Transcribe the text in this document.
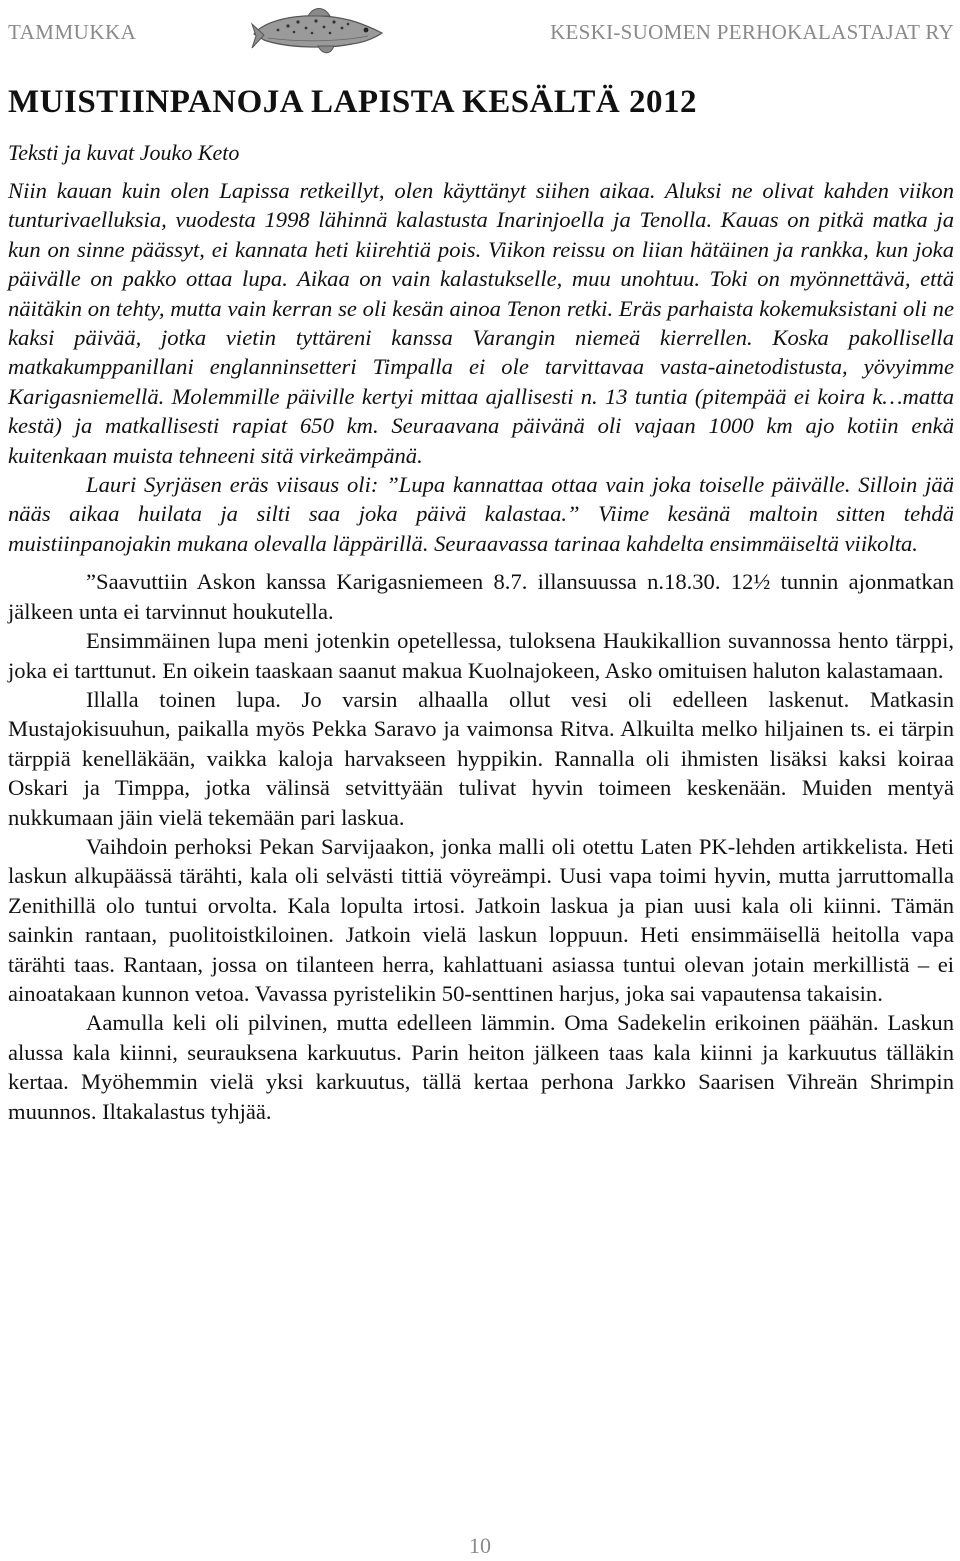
TAMMUKKA	KESKI-SUOMEN PERHOKALASTAJAT RY
MUISTIINPANOJA LAPISTA KESÄLTÄ 2012

Teksti ja kuvat Jouko Keto

Niin kauan kuin olen Lapissa retkeillyt, olen käyttänyt siihen aikaa. Aluksi ne olivat kahden viikon tunturivaelluksia, vuodesta 1998 lähinnä kalastusta Inarinjoella ja Tenolla. Kauas on pitkä matka ja kun on sinne päässyt, ei kannata heti kiirehtiä pois. Viikon reissu on liian hätäinen ja rankka, kun joka päivälle on pakko ottaa lupa. Aikaa on vain kalastukselle, muu unohtuu. Toki on myönnettävä, että näitäkin on tehty, mutta vain kerran se oli kesän ainoa Tenon retki. Eräs parhaista kokemuksistani oli ne kaksi päivää, jotka vietin tyttäreni kanssa Varangin niemeä kierrellen. Koska pakollisella matkakumppanillani englanninsetteri Timpalla ei ole tarvittavaa vasta-ainetodistusta, yövyimme Karigasniemellä. Molemmille päiville kertyi mittaa ajallisesti n. 13 tuntia (pitempää ei koira k…matta kestä) ja matkallisesti rapiat 650 km. Seuraavana päivänä oli vajaan 1000 km ajo kotiin enkä kuitenkaan muista tehneeni sitä virkeämpänä.

Lauri Syrjäsen eräs viisaus oli: ”Lupa kannattaa ottaa vain joka toiselle päivälle. Silloin jää nääs aikaa huilata ja silti saa joka päivä kalastaa.” Viime kesänä maltoin sitten tehdä muistiinpanojakin mukana olevalla läppärillä. Seuraavassa tarinaa kahdelta ensimmäiseltä viikolta.

”Saavuttiin Askon kanssa Karigasniemeen 8.7. illansuussa n.18.30. 12½ tunnin ajonmatkan jälkeen unta ei tarvinnut houkutella.

Ensimmäinen lupa meni jotenkin opetellessa, tuloksena Haukikallion suvannossa hento tärppi, joka ei tarttunut. En oikein taaskaan saanut makua Kuolnajokeen, Asko omituisen haluton kalastamaan.

Illalla toinen lupa. Jo varsin alhaalla ollut vesi oli edelleen laskenut. Matkasin Mustajokisuuhun, paikalla myös Pekka Saravo ja vaimonsa Ritva. Alkuilta melko hiljainen ts. ei tärpin tärppiä kenelläkään, vaikka kaloja harvakseen hyppikin. Rannalla oli ihmisten lisäksi kaksi koiraa Oskari ja Timppa, jotka välinsä setvittyään tulivat hyvin toimeen keskenään. Muiden mentyä nukkumaan jäin vielä tekemään pari laskua.

Vaihdoin perhoksi Pekan Sarvijaakon, jonka malli oli otettu Laten PK-lehden artikkelista. Heti laskun alkupäässä tärähti, kala oli selvästi tittiä vöyreämpi. Uusi vapa toimi hyvin, mutta jarruttomalla Zenithillä olo tuntui orvolta. Kala lopulta irtosi. Jatkoin laskua ja pian uusi kala oli kiinni. Tämän sainkin rantaan, puolitoistkiloinen. Jatkoin vielä laskun loppuun. Heti ensimmäisellä heitolla vapa tärähti taas. Rantaan, jossa on tilanteen herra, kahlattuani asiassa tuntui olevan jotain merkillistä – ei ainoatakaan kunnon vetoa. Vavassa pyristelikin 50-senttinen harjus, joka sai vapautensa takaisin.

Aamulla keli oli pilvinen, mutta edelleen lämmin. Oma Sadekelin erikoinen päähän. Laskun alussa kala kiinni, seurauksena karkuutus. Parin heiton jälkeen taas kala kiinni ja karkuutus tälläkin kertaa. Myöhemmin vielä yksi karkuutus, tällä kertaa perhona Jarkko Saarisen Vihreän Shrimpin muunnos. Iltakalastus tyhjää.

10
